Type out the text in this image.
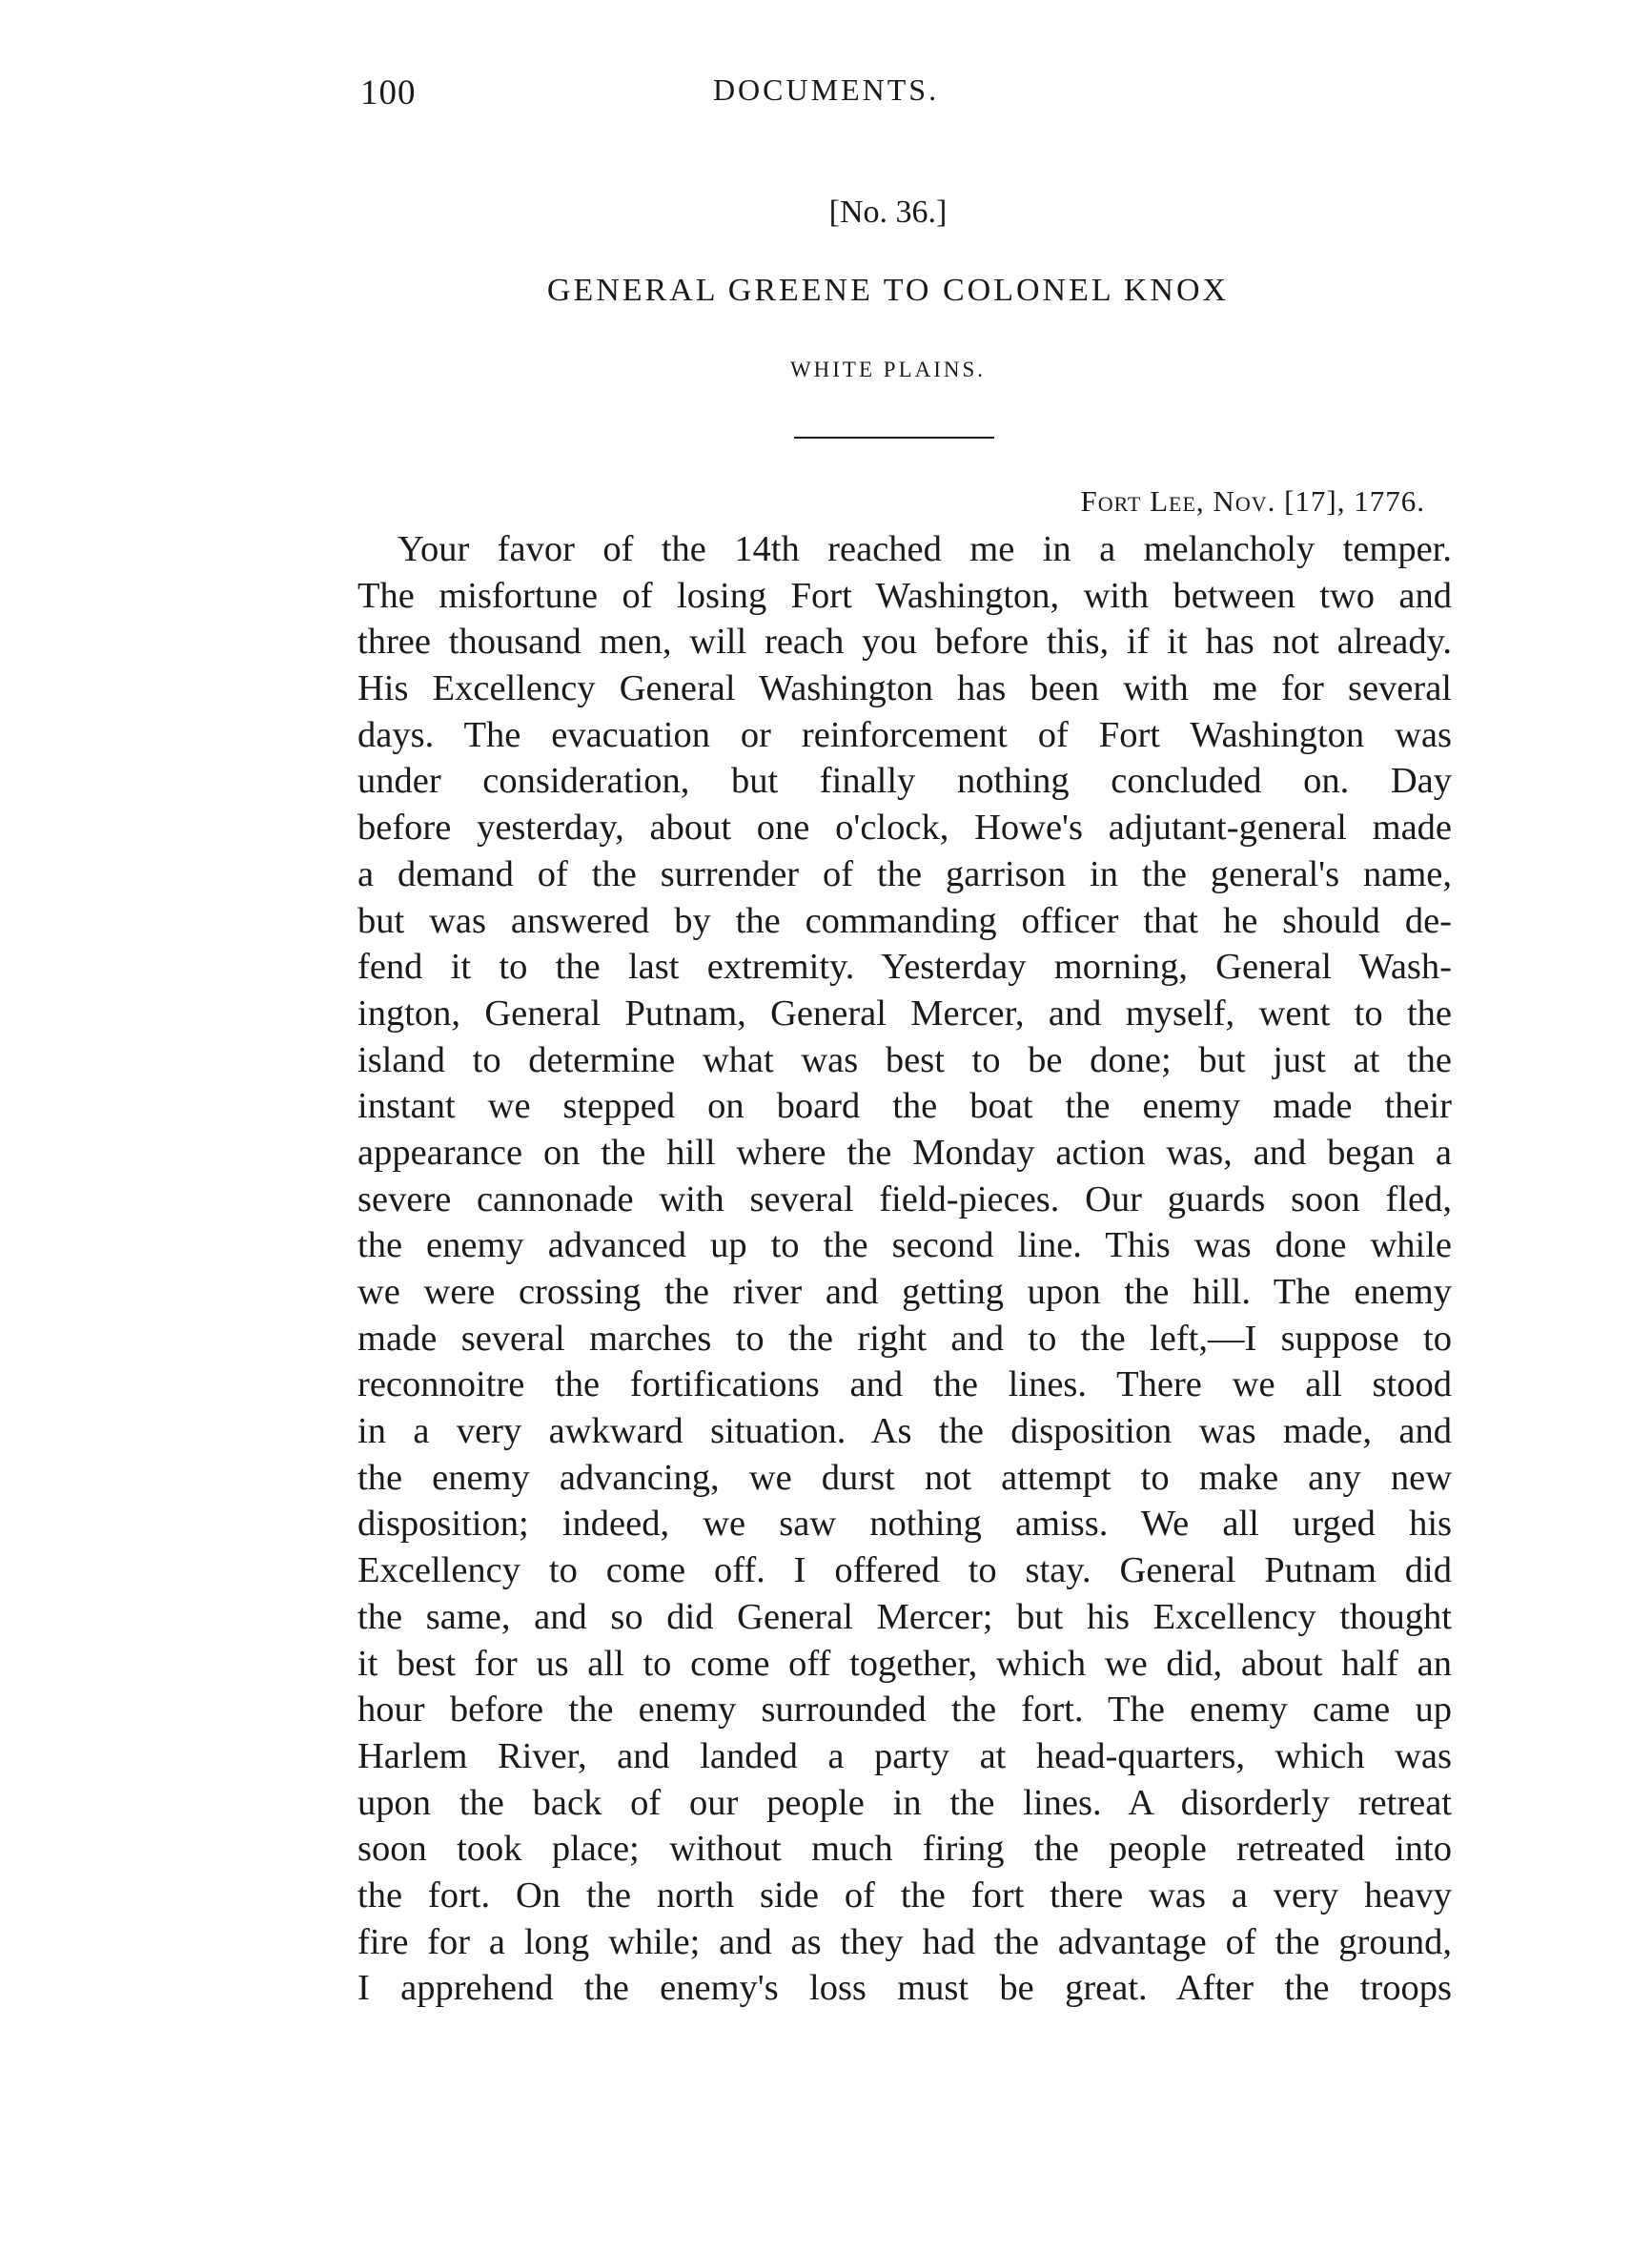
100	DOCUMENTS.
[No. 36.]
GENERAL GREENE TO COLONEL KNOX
WHITE PLAINS.
Fort Lee, Nov. [17], 1776.
Your favor of the 14th reached me in a melancholy temper.
The misfortune of losing Fort Washington, with between two and
three thousand men, will reach you before this, if it has not already.
His Excellency General Washington has been with me for several
days. The evacuation or reinforcement of Fort Washington was
under consideration, but finally nothing concluded on. Day
before yesterday, about one o'clock, Howe's adjutant-general made
a demand of the surrender of the garrison in the general's name,
but was answered by the commanding officer that he should de-
fend it to the last extremity. Yesterday morning, General Wash-
ington, General Putnam, General Mercer, and myself, went to the
island to determine what was best to be done; but just at the
instant we stepped on board the boat the enemy made their
appearance on the hill where the Monday action was, and began a
severe cannonade with several field-pieces. Our guards soon fled,
the enemy advanced up to the second line. This was done while
we were crossing the river and getting upon the hill. The enemy
made several marches to the right and to the left,—I suppose to
reconnoitre the fortifications and the lines. There we all stood
in a very awkward situation. As the disposition was made, and
the enemy advancing, we durst not attempt to make any new
disposition; indeed, we saw nothing amiss. We all urged his
Excellency to come off. I offered to stay. General Putnam did
the same, and so did General Mercer; but his Excellency thought
it best for us all to come off together, which we did, about half an
hour before the enemy surrounded the fort. The enemy came up
Harlem River, and landed a party at head-quarters, which was
upon the back of our people in the lines. A disorderly retreat
soon took place; without much firing the people retreated into
the fort. On the north side of the fort there was a very heavy
fire for a long while; and as they had the advantage of the ground,
I apprehend the enemy's loss must be great. After the troops
